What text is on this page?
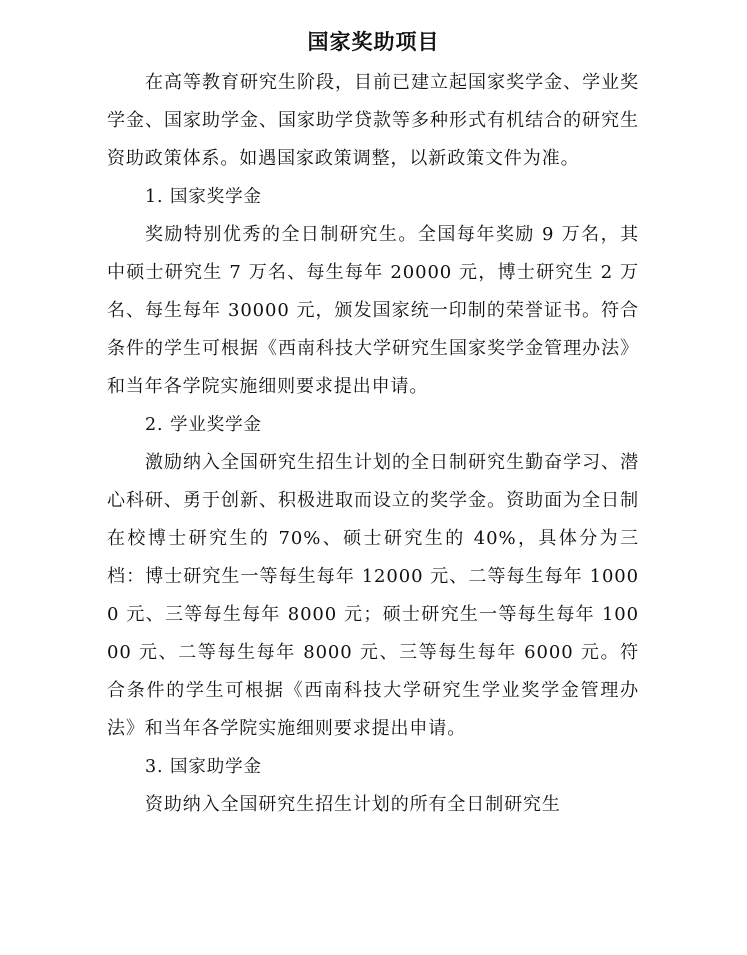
国家奖助项目

在高等教育研究生阶段，目前已建立起国家奖学金、学业奖学金、国家助学金、国家助学贷款等多种形式有机结合的研究生资助政策体系。如遇国家政策调整，以新政策文件为准。

1. 国家奖学金

奖励特别优秀的全日制研究生。全国每年奖励 9 万名，其中硕士研究生 7 万名、每生每年 20000 元，博士研究生 2 万名、每生每年 30000 元，颁发国家统一印制的荣誉证书。符合条件的学生可根据《西南科技大学研究生国家奖学金管理办法》和当年各学院实施细则要求提出申请。

2. 学业奖学金

激励纳入全国研究生招生计划的全日制研究生勤奋学习、潜心科研、勇于创新、积极进取而设立的奖学金。资助面为全日制在校博士研究生的 70%、硕士研究生的 40%，具体分为三档：博士研究生一等每生每年 12000 元、二等每生每年 10000 元、三等每生每年 8000 元；硕士研究生一等每生每年 10000 元、二等每生每年 8000 元、三等每生每年 6000 元。符合条件的学生可根据《西南科技大学研究生学业奖学金管理办法》和当年各学院实施细则要求提出申请。

3. 国家助学金

资助纳入全国研究生招生计划的所有全日制研究生
